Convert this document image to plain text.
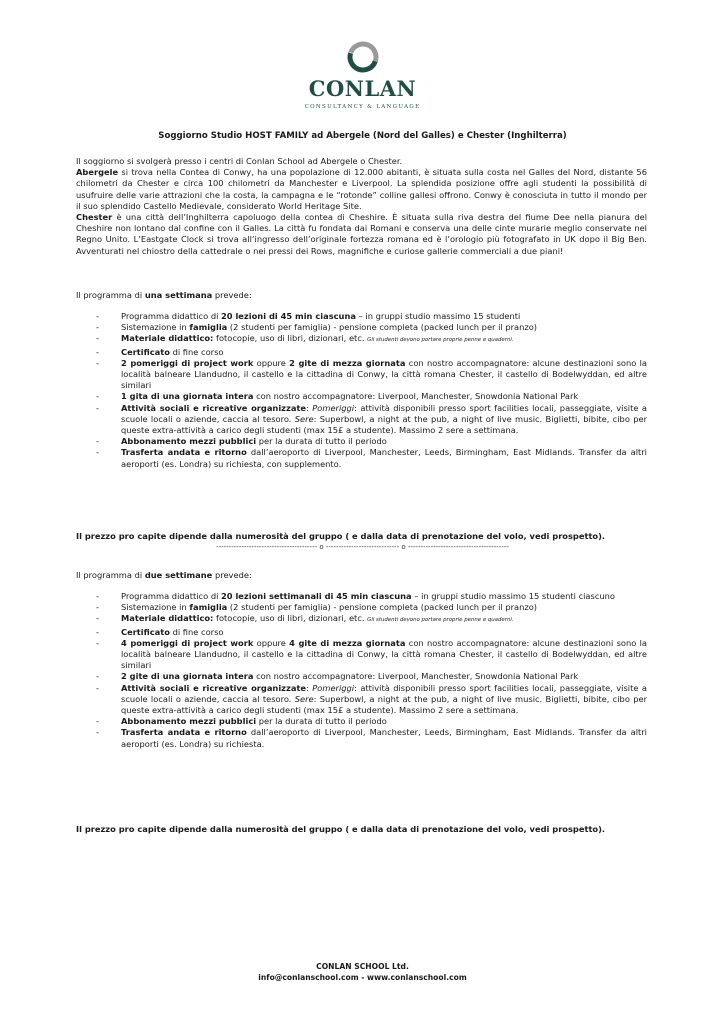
CONLAN
CONSULTANCY & LANGUAGE
Soggiorno Studio HOST FAMILY ad Abergele (Nord del Galles) e Chester (Inghilterra)

Il soggiorno si svolgerà presso i centri di Conlan School ad Abergele o Chester.

Abergele si trova nella Contea di Conwy, ha una popolazione di 12.000 abitanti, è situata sulla costa nel Galles del Nord, distante 56 chilometri da Chester e circa 100 chilometri da Manchester e Liverpool. La splendida posizione offre agli studenti la possibilità di usufruire delle varie attrazioni che la costa, la campagna e le “rotonde” colline gallesi offrono. Conwy è conosciuta in tutto il mondo per il suo splendido Castello Medievale, considerato World Heritage Site.

Chester è una città dell’Inghilterra capoluogo della contea di Cheshire. È situata sulla riva destra del fiume Dee nella pianura del Cheshire non lontano dal confine con il Galles. La città fu fondata dai Romani e conserva una delle cinte murarie meglio conservate nel Regno Unito. L’Eastgate Clock si trova all’ingresso dell’originale fortezza romana ed è l’orologio più fotografato in UK dopo il Big Ben. Avventurati nel chiostro della cattedrale o nei pressi dei Rows, magnifiche e curiose gallerie commerciali a due piani!

Il programma di una settimana prevede:
-	Programma didattico di 20 lezioni di 45 min ciascuna – in gruppi studio massimo 15 studenti
-	Sistemazione in famiglia (2 studenti per famiglia) - pensione completa (packed lunch per il pranzo)
-	Materiale didattico: fotocopie, uso di libri, dizionari, etc. Gli studenti devono portare proprie penne e quaderni.
-	Certificato di fine corso
-	2 pomeriggi di project work oppure 2 gite di mezza giornata con nostro accompagnatore: alcune destinazioni sono la località balneare Llandudno, il castello e la cittadina di Conwy, la città romana Chester, il castello di Bodelwyddan, ed altre similari
-	1 gita di una giornata intera con nostro accompagnatore: Liverpool, Manchester, Snowdonia National Park
-	Attività sociali e ricreative organizzate: Pomeriggi: attività disponibili presso sport facilities locali, passeggiate, visite a scuole locali o aziende, caccia al tesoro. Sere: Superbowl, a night at the pub, a night of live music. Biglietti, bibite, cibo per queste extra-attività a carico degli studenti (max 15£ a studente). Massimo 2 sere a settimana.
-	Abbonamento mezzi pubblici per la durata di tutto il periodo
-	Trasferta andata e ritorno dall’aeroporto di Liverpool, Manchester, Leeds, Birmingham, East Midlands. Transfer da altri aeroporti (es. Londra) su richiesta, con supplemento.
Il prezzo pro capite dipende dalla numerosità del gruppo ( e dalla data di prenotazione del volo, vedi prospetto).
---------------------------------------- o ----------------------------- o ----------------------------------------
Il programma di due settimane prevede:
-	Programma didattico di 20 lezioni settimanali di 45 min ciascuna – in gruppi studio massimo 15 studenti ciascuno
-	Sistemazione in famiglia (2 studenti per famiglia) - pensione completa (packed lunch per il pranzo)
-	Materiale didattico: fotocopie, uso di libri, dizionari, etc. Gli studenti devono portare proprie penne e quaderni.
-	Certificato di fine corso
-	4 pomeriggi di project work oppure 4 gite di mezza giornata con nostro accompagnatore: alcune destinazioni sono la località balneare Llandudno, il castello e la cittadina di Conwy, la città romana Chester, il castello di Bodelwyddan, ed altre similari
-	2 gite di una giornata intera con nostro accompagnatore: Liverpool, Manchester, Snowdonia National Park
-	Attività sociali e ricreative organizzate: Pomeriggi: attività disponibili presso sport facilities locali, passeggiate, visite a scuole locali o aziende, caccia al tesoro. Sere: Superbowl, a night at the pub, a night of live music. Biglietti, bibite, cibo per queste extra-attività a carico degli studenti (max 15£ a studente). Massimo 2 sere a settimana.
-	Abbonamento mezzi pubblici per la durata di tutto il periodo
-	Trasferta andata e ritorno dall’aeroporto di Liverpool, Manchester, Leeds, Birmingham, East Midlands. Transfer da altri aeroporti (es. Londra) su richiesta.
Il prezzo pro capite dipende dalla numerosità del gruppo ( e dalla data di prenotazione del volo, vedi prospetto).
CONLAN SCHOOL Ltd.
info@conlanschool.com - www.conlanschool.com
